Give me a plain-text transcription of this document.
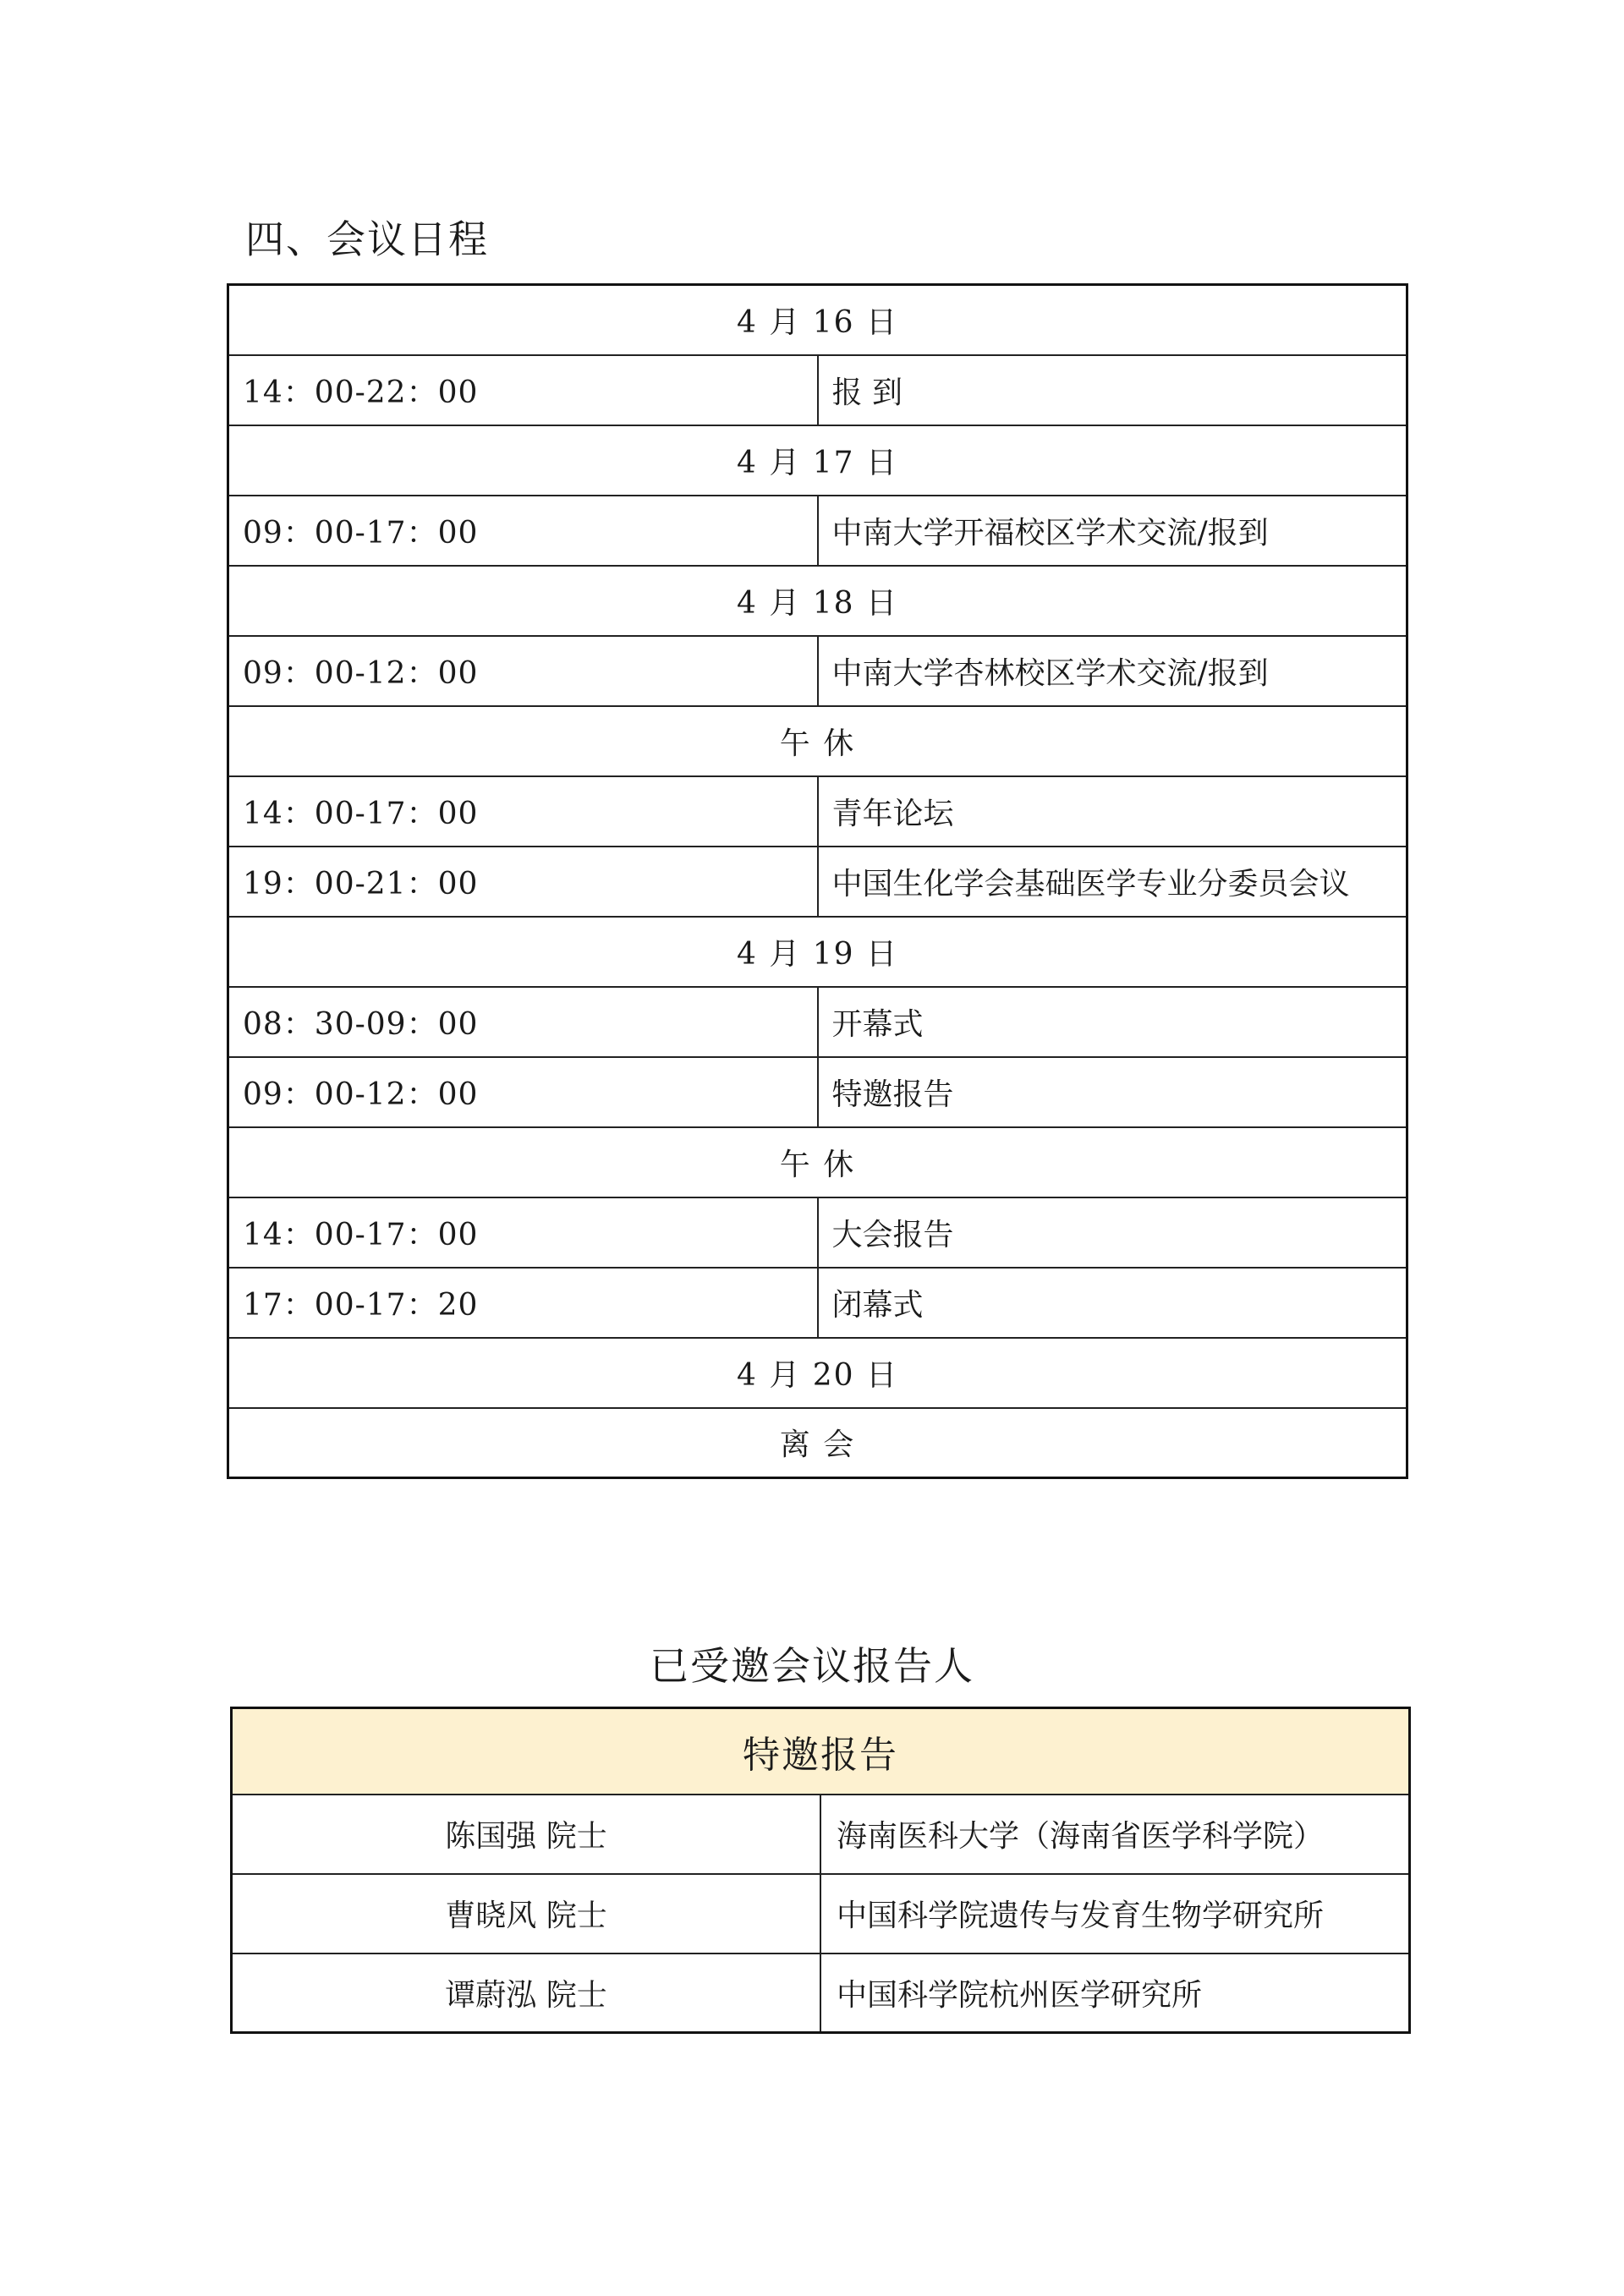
四、会议日程
4 月 16 日	
14：00-22：00	报 到
4 月 17 日	
09：00-17：00	中南大学开福校区学术交流/报到
4 月 18 日	
09：00-12：00	中南大学杏林校区学术交流/报到
午 休	
14：00-17：00	青年论坛
19：00-21：00	中国生化学会基础医学专业分委员会议
4 月 19 日	
08：30-09：00	开幕式
09：00-12：00	特邀报告
午 休	
14：00-17：00	大会报告
17：00-17：20	闭幕式
4 月 20 日	
离 会	
已受邀会议报告人
特邀报告	
陈国强 院士	海南医科大学（海南省医学科学院）
曹晓风 院士	中国科学院遗传与发育生物学研究所
谭蔚泓 院士	中国科学院杭州医学研究所
